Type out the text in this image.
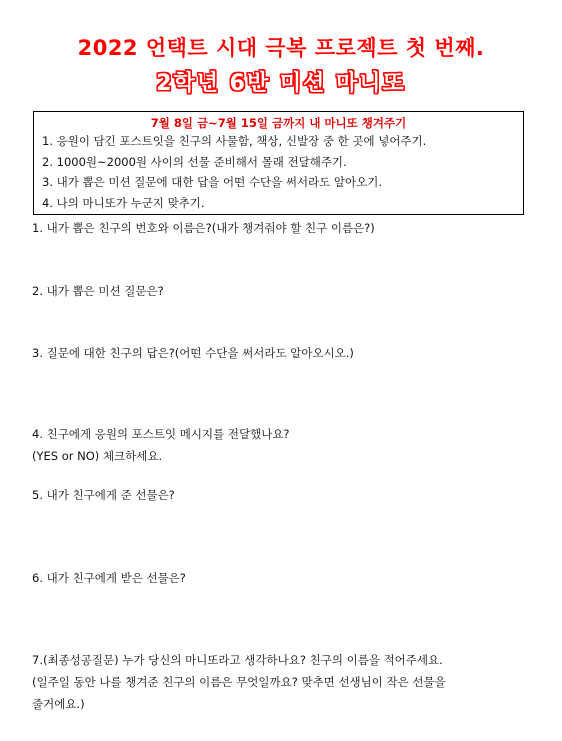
2022 언택트 시대 극복 프로젝트 첫 번째.
2학년 6반 미션 마니또
7월 8일 금~7월 15일 금까지 내 마니또 챙겨주기
1. 응원이 담긴 포스트잇을 친구의 사물함, 책상, 신발장 중 한 곳에 넣어주기.
2. 1000원~2000원 사이의 선물 준비해서 몰래 전달해주기.
3. 내가 뽑은 미션 질문에 대한 답을 어떤 수단을 써서라도 알아오기.
4. 나의 마니또가 누군지 맞추기.
1. 내가 뽑은 친구의 번호와 이름은?(내가 챙겨줘야 할 친구 이름은?)
2. 내가 뽑은 미션 질문은?
3. 질문에 대한 친구의 답은?(어떤 수단을 써서라도 알아오시오.)
4. 친구에게 응원의 포스트잇 메시지를 전달했나요?
(YES or NO) 체크하세요.
5. 내가 친구에게 준 선물은?
6. 내가 친구에게 받은 선물은?
7.(최종성공질문) 누가 당신의 마니또라고 생각하나요? 친구의 이름을 적어주세요.
(일주일 동안 나를 챙겨준 친구의 이름은 무엇일까요? 맞추면 선생님이 작은 선물을
줄거에요.)
